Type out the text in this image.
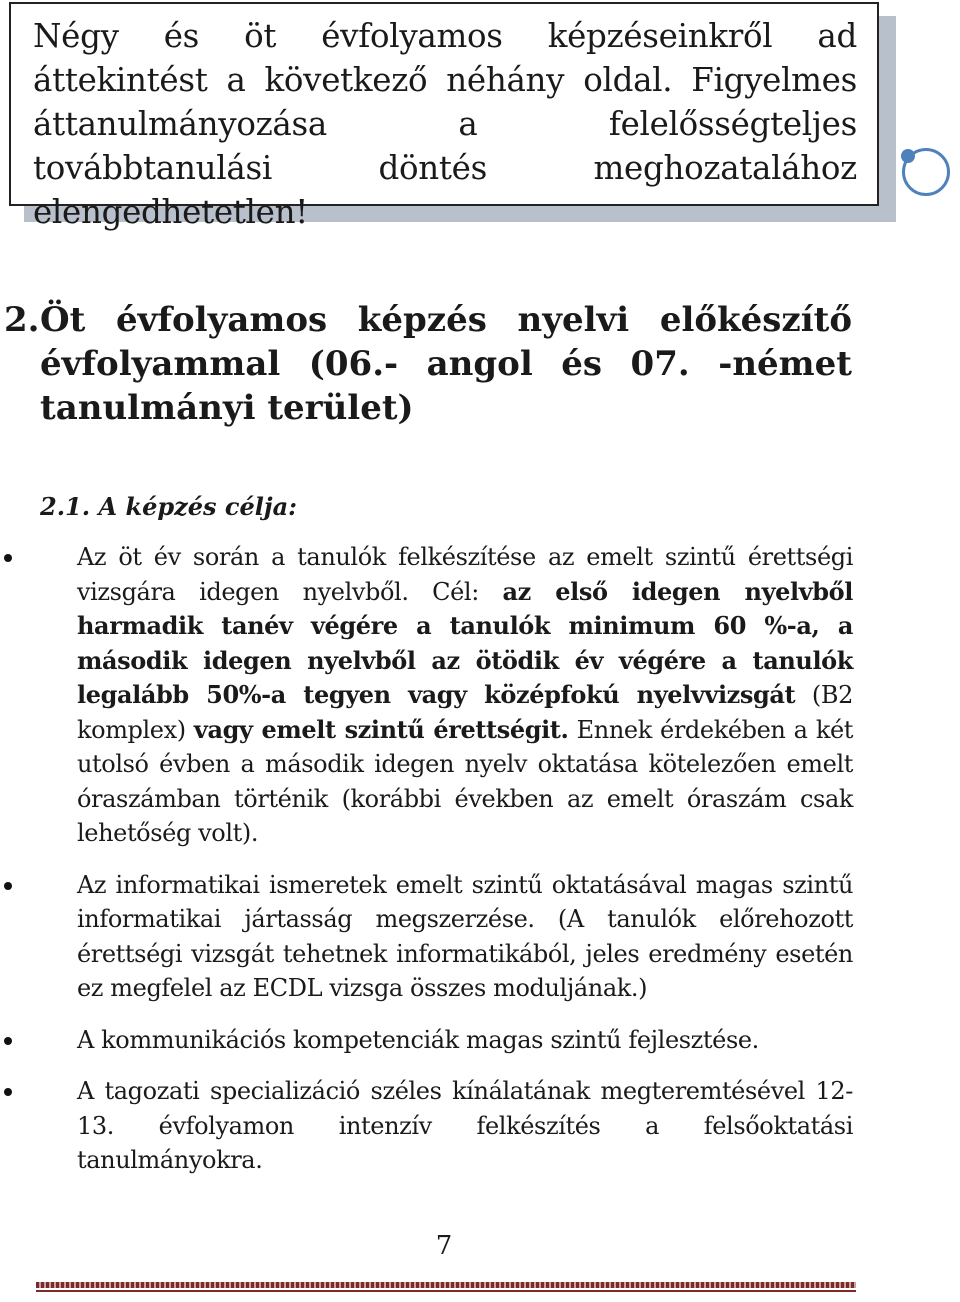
Négy és öt évfolyamos képzéseinkről ad áttekintést a következő néhány oldal. Figyelmes áttanulmányozása a felelősségteljes továbbtanulási döntés meghozatalához elengedhetetlen!

2. Öt évfolyamos képzés nyelvi előkészítő évfolyammal (06.- angol és 07. -német tanulmányi terület)
2.1. A képzés célja:
Az öt év során a tanulók felkészítése az emelt szintű érettségi vizsgára idegen nyelvből. Cél: az első idegen nyelvből harmadik tanév végére a tanulók minimum 60 %-a, a második idegen nyelvből az ötödik év végére a tanulók legalább 50%-a tegyen vagy középfokú nyelvvizsgát (B2 komplex) vagy emelt szintű érettségit. Ennek érdekében a két utolsó évben a második idegen nyelv oktatása kötelezően emelt óraszámban történik (korábbi években az emelt óraszám csak lehetőség volt).
Az informatikai ismeretek emelt szintű oktatásával magas szintű informatikai jártasság megszerzése. (A tanulók előrehozott érettségi vizsgát tehetnek informatikából, jeles eredmény esetén ez megfelel az ECDL vizsga összes moduljának.)
A kommunikációs kompetenciák magas szintű fejlesztése.
A tagozati specializáció széles kínálatának megteremtésével 12-13. évfolyamon intenzív felkészítés a felsőoktatási tanulmányokra.
7
